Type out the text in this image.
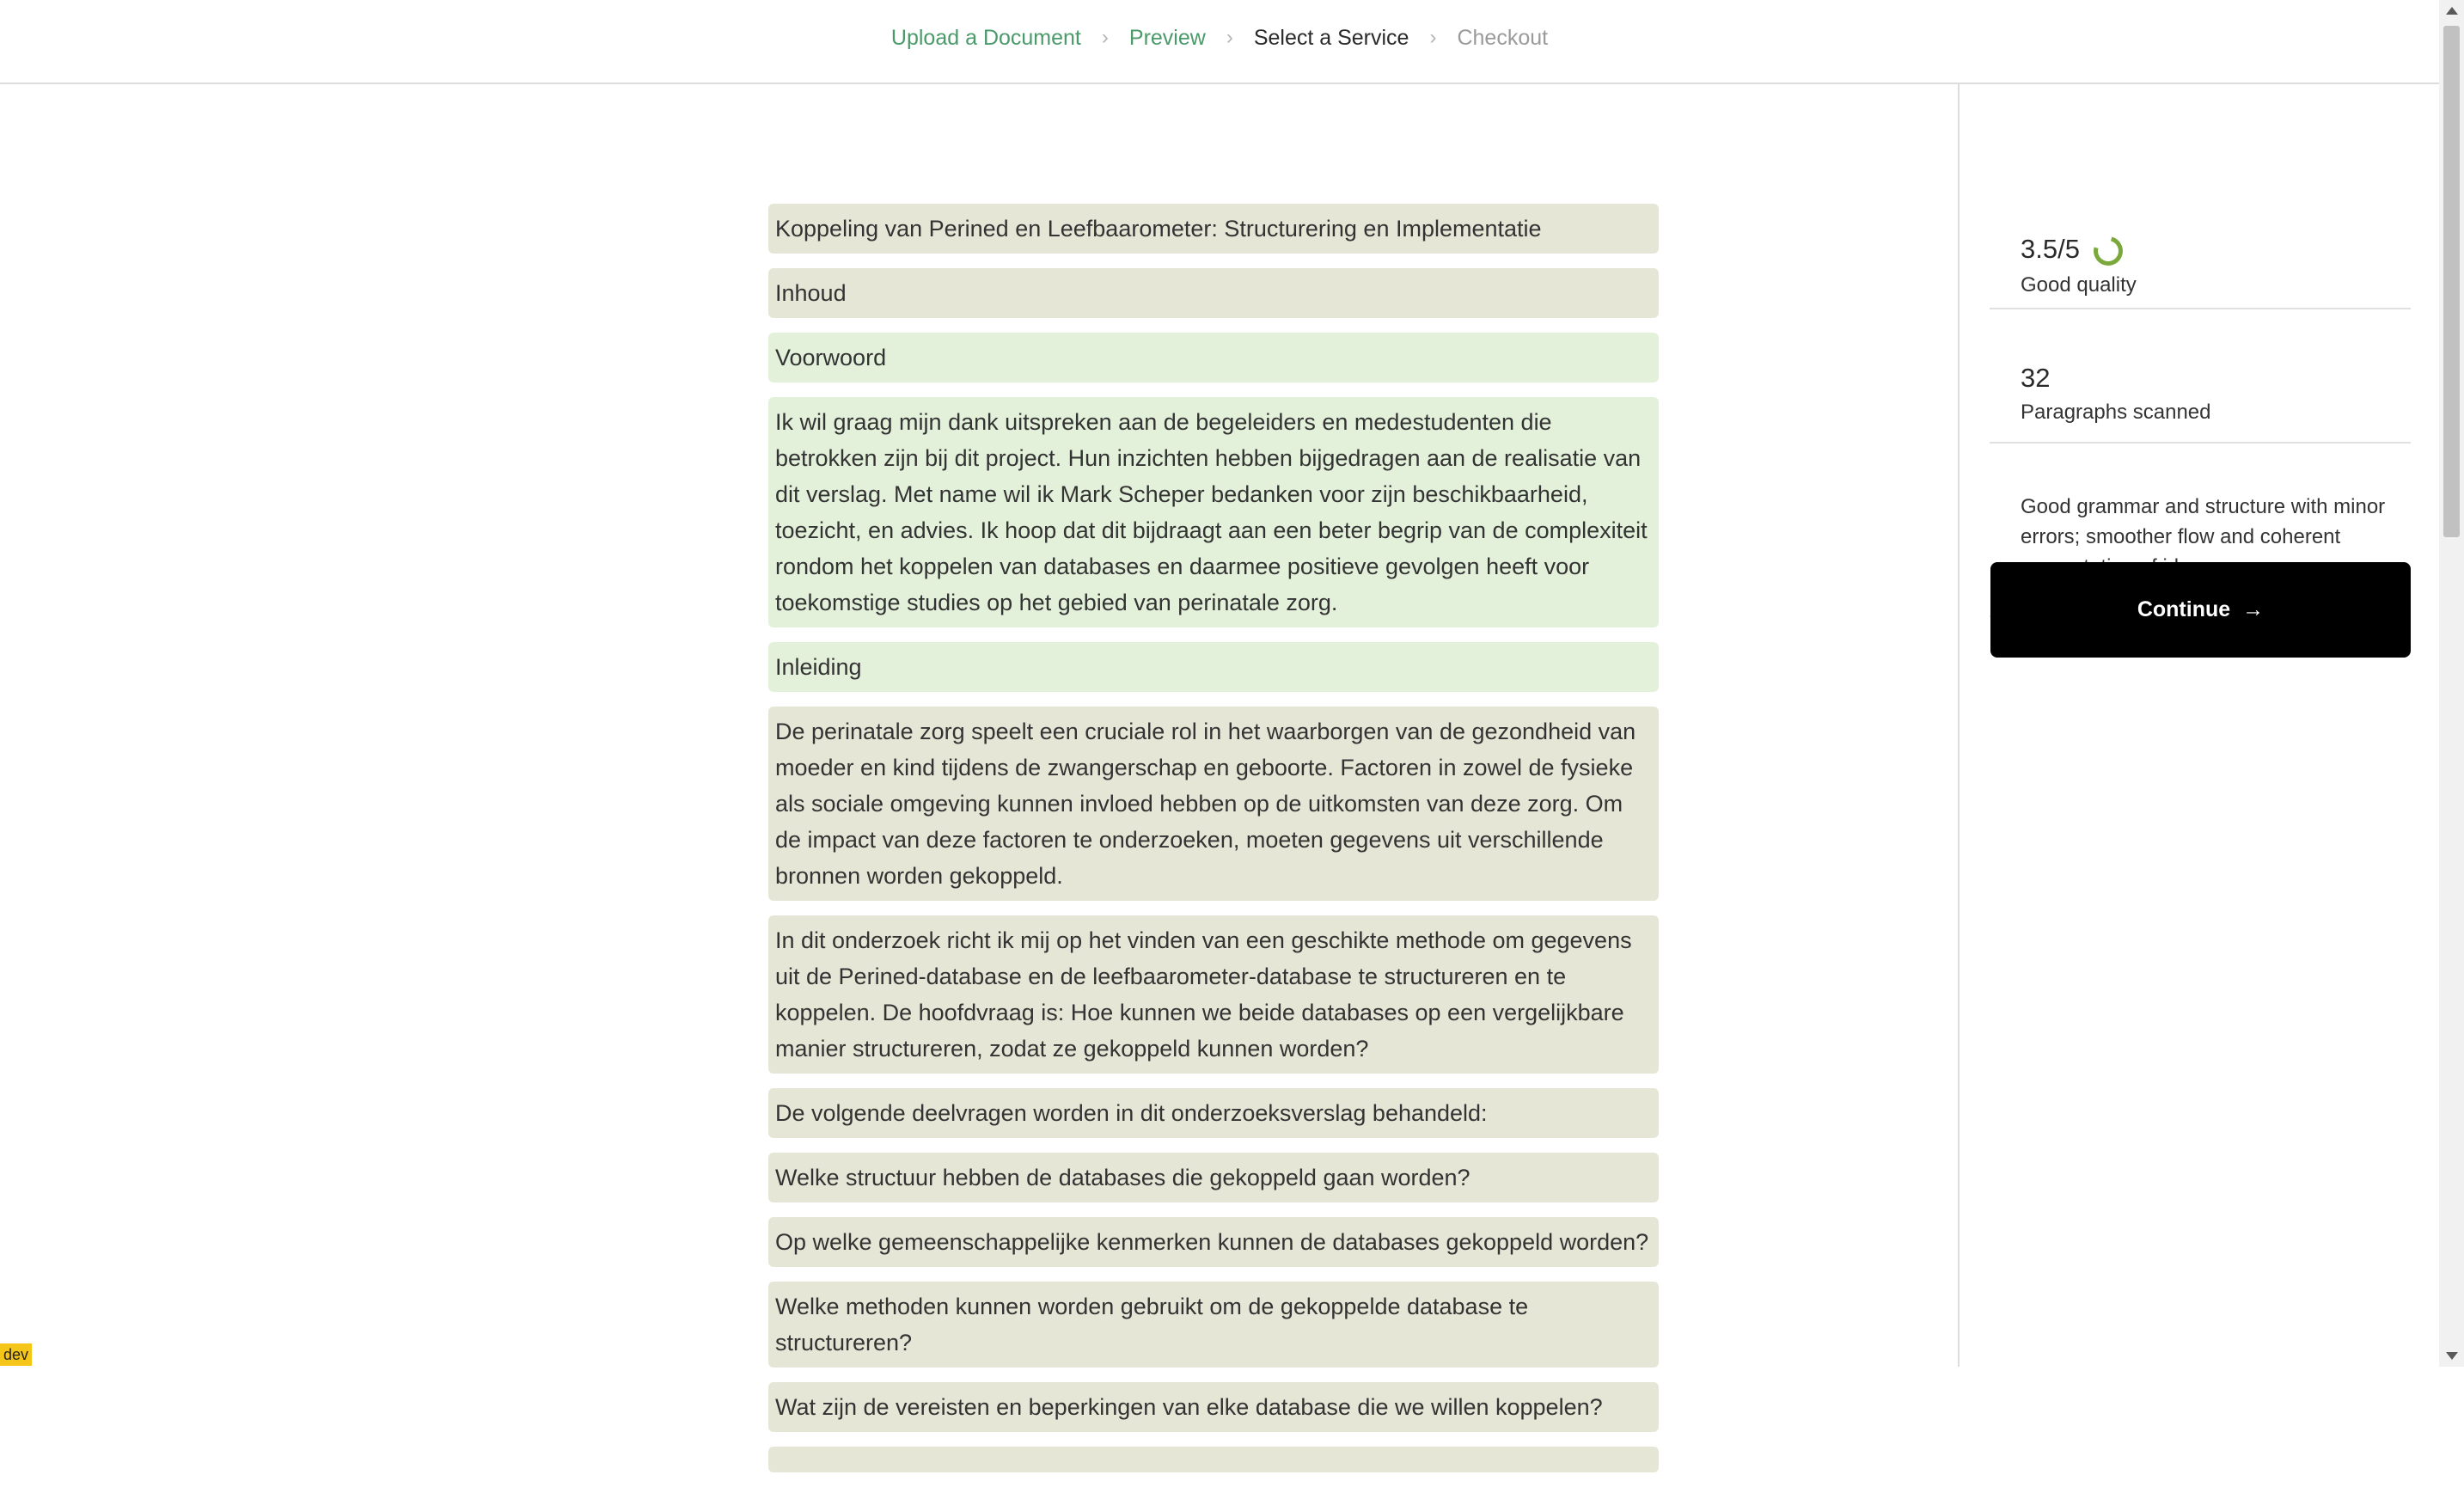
Upload a Document › Preview › Select a Service › Checkout
Koppeling van Perined en Leefbaarometer: Structurering en Implementatie
Inhoud
Voorwoord
Ik wil graag mijn dank uitspreken aan de begeleiders en medestudenten die betrokken zijn bij dit project. Hun inzichten hebben bijgedragen aan de realisatie van dit verslag. Met name wil ik Mark Scheper bedanken voor zijn beschikbaarheid, toezicht, en advies. Ik hoop dat dit bijdraagt aan een beter begrip van de complexiteit rondom het koppelen van databases en daarmee positieve gevolgen heeft voor toekomstige studies op het gebied van perinatale zorg.
Inleiding
De perinatale zorg speelt een cruciale rol in het waarborgen van de gezondheid van moeder en kind tijdens de zwangerschap en geboorte. Factoren in zowel de fysieke als sociale omgeving kunnen invloed hebben op de uitkomsten van deze zorg. Om de impact van deze factoren te onderzoeken, moeten gegevens uit verschillende bronnen worden gekoppeld.
In dit onderzoek richt ik mij op het vinden van een geschikte methode om gegevens uit de Perined-database en de leefbaarometer-database te structureren en te koppelen. De hoofdvraag is: Hoe kunnen we beide databases op een vergelijkbare manier structureren, zodat ze gekoppeld kunnen worden?
De volgende deelvragen worden in dit onderzoeksverslag behandeld:
Welke structuur hebben de databases die gekoppeld gaan worden?
Op welke gemeenschappelijke kenmerken kunnen de databases gekoppeld worden?
Welke methoden kunnen worden gebruikt om de gekoppelde database te structureren?
Wat zijn de vereisten en beperkingen van elke database die we willen koppelen?
3.5/5
Good quality
32
Paragraphs scanned
Good grammar and structure with minor errors; smoother flow and coherent
Continue →
dev
